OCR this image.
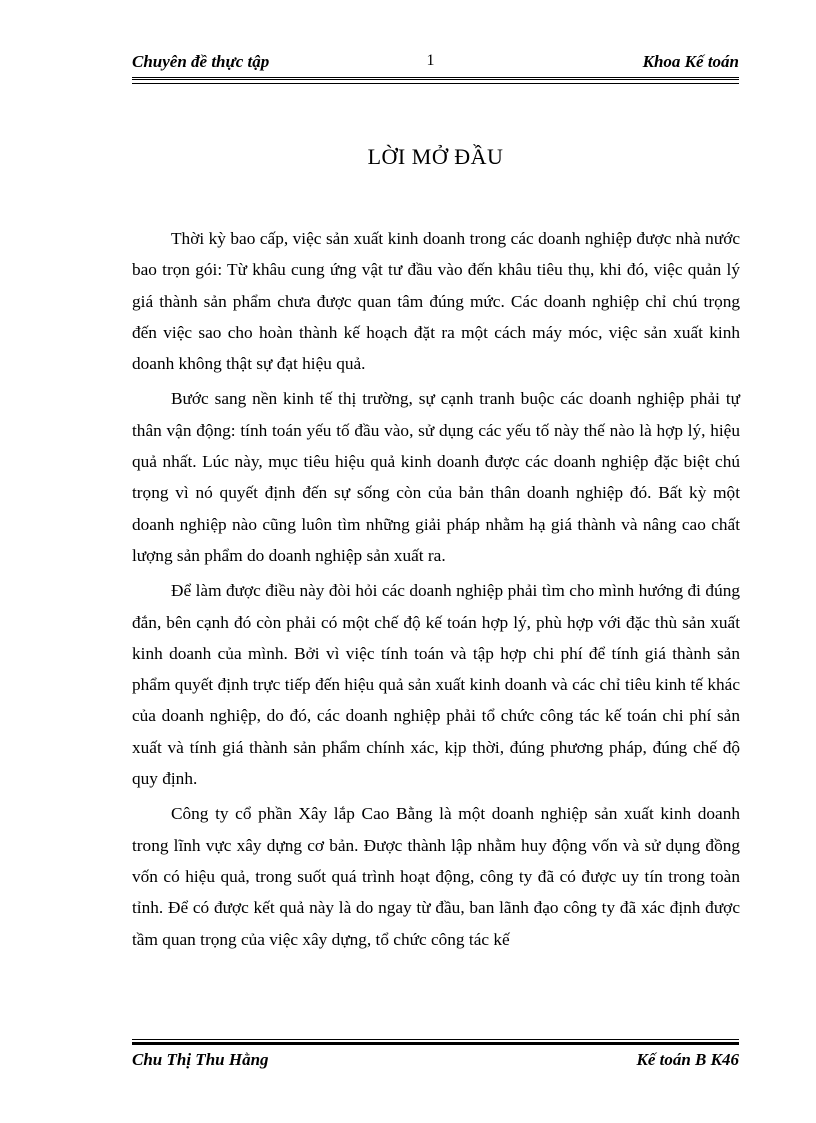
Chuyên đề thực tập	1	Khoa Kế toán
LỜI MỞ ĐẦU

Thời kỳ bao cấp, việc sản xuất kinh doanh trong các doanh nghiệp được nhà nước bao trọn gói: Từ khâu cung ứng vật tư đầu vào đến khâu tiêu thụ, khi đó, việc quản lý giá thành sản phẩm chưa được quan tâm đúng mức. Các doanh nghiệp chỉ chú trọng đến việc sao cho hoàn thành kế hoạch đặt ra một cách máy móc, việc sản xuất kinh doanh không thật sự đạt hiệu quả.

Bước sang nền kinh tế thị trường, sự cạnh tranh buộc các doanh nghiệp phải tự thân vận động: tính toán yếu tố đầu vào, sử dụng các yếu tố này thế nào là hợp lý, hiệu quả nhất. Lúc này, mục tiêu hiệu quả kinh doanh được các doanh nghiệp đặc biệt chú trọng vì nó quyết định đến sự sống còn của bản thân doanh nghiệp đó. Bất kỳ một doanh nghiệp nào cũng luôn tìm những giải pháp nhằm hạ giá thành và nâng cao chất lượng sản phẩm do doanh nghiệp sản xuất ra.

Để làm được điều này đòi hỏi các doanh nghiệp phải tìm cho mình hướng đi đúng đắn, bên cạnh đó còn phải có một chế độ kế toán hợp lý, phù hợp với đặc thù sản xuất kinh doanh của mình. Bởi vì việc tính toán và tập hợp chi phí để tính giá thành sản phẩm quyết định trực tiếp đến hiệu quả sản xuất kinh doanh và các chỉ tiêu kinh tế khác của doanh nghiệp, do đó, các doanh nghiệp phải tổ chức công tác kế toán chi phí sản xuất và tính giá thành sản phẩm chính xác, kịp thời, đúng phương pháp, đúng chế độ quy định.

Công ty cổ phần Xây lắp Cao Bằng là một doanh nghiệp sản xuất kinh doanh trong lĩnh vực xây dựng cơ bản. Được thành lập nhằm huy động vốn và sử dụng đồng vốn có hiệu quả, trong suốt quá trình hoạt động, công ty đã có được uy tín trong toàn tỉnh. Để có được kết quả này là do ngay từ đầu, ban lãnh đạo công ty đã xác định được tầm quan trọng của việc xây dựng, tổ chức công tác kế

Chu Thị Thu Hằng	Kế toán B K46
